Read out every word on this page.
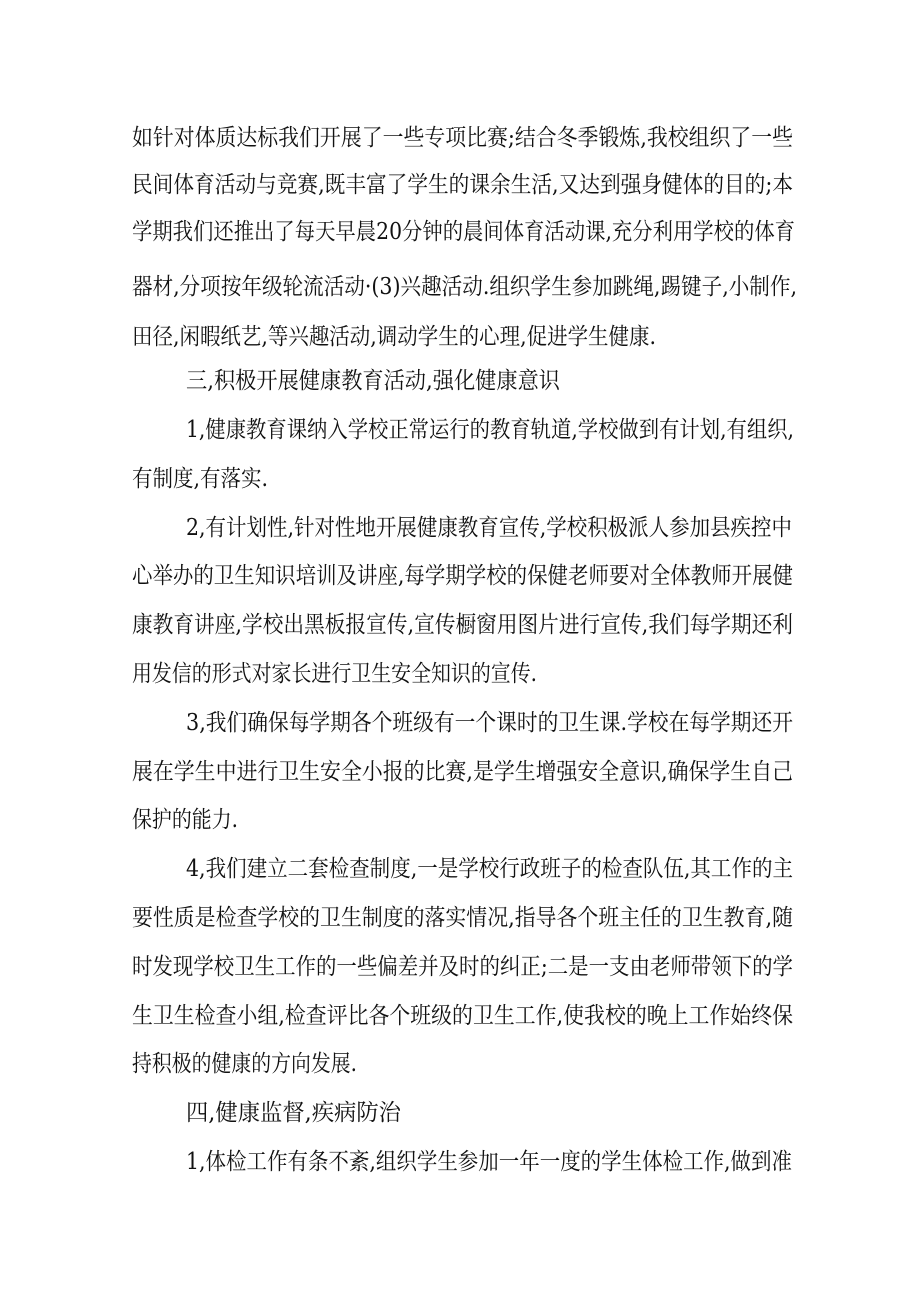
如针对体质达标我们开展了一些专项比赛;结合冬季锻炼,我校组织了一些
民间体育活动与竞赛,既丰富了学生的课余生活,又达到强身健体的目的;本
学期我们还推出了每天早晨20分钟的晨间体育活动课,充分利用学校的体育
器材,分项按年级轮流活动·(3)兴趣活动.组织学生参加跳绳,踢键子,小制作,
田径,闲暇纸艺,等兴趣活动,调动学生的心理,促进学生健康.
三,积极开展健康教育活动,强化健康意识
1,健康教育课纳入学校正常运行的教育轨道,学校做到有计划,有组织,
有制度,有落实.
2,有计划性,针对性地开展健康教育宣传,学校积极派人参加县疾控中
心举办的卫生知识培训及讲座,每学期学校的保健老师要对全体教师开展健
康教育讲座,学校出黑板报宣传,宣传橱窗用图片进行宣传,我们每学期还利
用发信的形式对家长进行卫生安全知识的宣传.
3,我们确保每学期各个班级有一个课时的卫生课.学校在每学期还开
展在学生中进行卫生安全小报的比赛,是学生增强安全意识,确保学生自己
保护的能力.
4,我们建立二套检查制度,一是学校行政班子的检查队伍,其工作的主
要性质是检查学校的卫生制度的落实情况,指导各个班主任的卫生教育,随
时发现学校卫生工作的一些偏差并及时的纠正;二是一支由老师带领下的学
生卫生检查小组,检查评比各个班级的卫生工作,使我校的晚上工作始终保
持积极的健康的方向发展.
四,健康监督,疾病防治
1,体检工作有条不紊,组织学生参加一年一度的学生体检工作,做到准
